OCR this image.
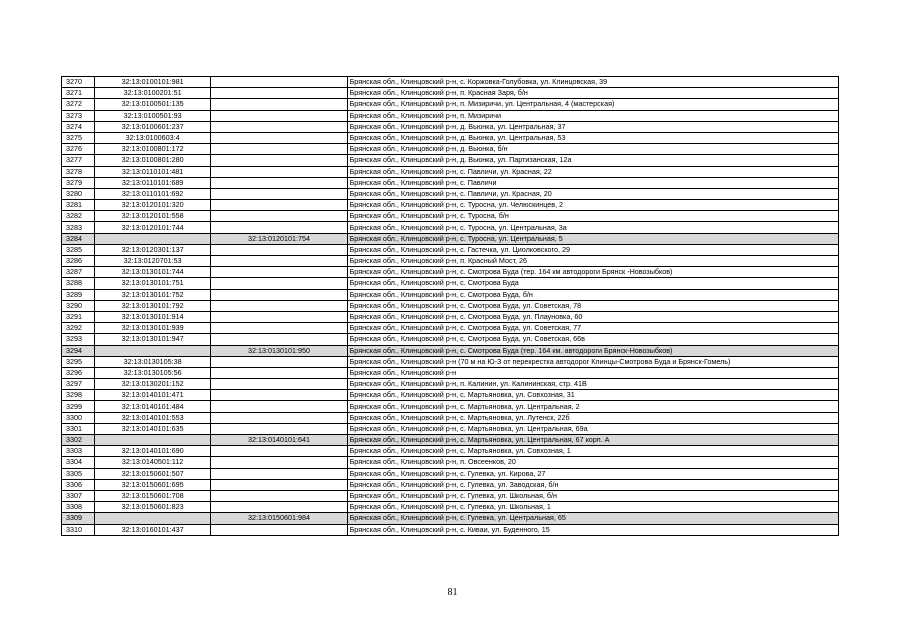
3270	32:13:0100101:981		Брянская обл., Клинцовский р-н, с. Коржовка-Голубовка, ул. Клинцовская, 39
3271	32:13:0100201:51		Брянская обл., Клинцовский р-н, п. Красная Заря, б/н
3272	32:13:0100501:135		Брянская обл., Клинцовский р-н, п. Мизиричи, ул. Центральная, 4 (мастерская)
3273	32:13:0100501:93		Брянская обл., Клинцовский р-н, п. Мизиричи
3274	32:13:0100601:237		Брянская обл., Клинцовский р-н, д. Вьюнка, ул. Центральная, 37
3275	32:13:0100603:4		Брянская обл., Клинцовский р-н, д. Вьюнка, ул. Центральная, 53
3276	32:13:0100801:172		Брянская обл., Клинцовский р-н, д. Вьюнка, б/н
3277	32:13:0100801:280		Брянская обл., Клинцовский р-н, д. Вьюнка, ул. Партизанская, 12а
3278	32:13:0110101:481		Брянская обл., Клинцовский р-н, с. Павличи, ул. Красная, 22
3279	32:13:0110101:689		Брянская обл., Клинцовский р-н, с. Павличи
3280	32:13:0110101:692		Брянская обл., Клинцовский р-н, с. Павличи, ул. Красная, 20
3281	32:13:0120101:320		Брянская обл., Клинцовский р-н, с. Туросна, ул. Челюскинцев, 2
3282	32:13:0120101:558		Брянская обл., Клинцовский р-н, с. Туросна, б/н
3283	32:13:0120101:744		Брянская обл., Клинцовский р-н, с. Туросна, ул. Центральная, 3а
3284		32:13:0120101:754	Брянская обл., Клинцовский р-н, с. Туросна, ул. Центральная, 5
3285	32:13:0120301:137		Брянская обл., Клинцовский р-н, с. Гастечка, ул. Циолковского, 29
3286	32:13:0120701:53		Брянская обл., Клинцовский р-н, п. Красный Мост, 26
3287	32:13:0130101:744		Брянская обл., Клинцовский р-н, с. Смотрова Буда (тер. 164 км автодороги Брянск -Новозыбков)
3288	32:13:0130101:751		Брянская обл., Клинцовский р-н, с. Смотрова Буда
3289	32:13:0130101:752		Брянская обл., Клинцовский р-н, с. Смотрова Буда, б/н
3290	32:13:0130101:792		Брянская обл., Клинцовский р-н, с. Смотрова Буда, ул. Советская, 78
3291	32:13:0130101:914		Брянская обл., Клинцовский р-н, с. Смотрова Буда, ул. Плауновка, 60
3292	32:13:0130101:939		Брянская обл., Клинцовский р-н, с. Смотрова Буда, ул. Советская, 77
3293	32:13:0130101:947		Брянская обл., Клинцовский р-н, с. Смотрова Буда, ул. Советская, 66в
3294		32:13:0130101:950	Брянская обл., Клинцовский р-н, с. Смотрова Буда (тер. 164 км. автодороги Брянск-Новозыбков)
3295	32:13:0130105:38		Брянская обл., Клинцовский р-н (70 м на Ю-З от перекрестка автодорог Клинцы-Смотрова Буда и Брянск-Гомель)
3296	32:13:0130105:56		Брянская обл., Клинцовский р-н
3297	32:13:0130201:152		Брянская обл., Клинцовский р-н, п. Калинин, ул. Калининская, стр. 41В
3298	32:13:0140101:471		Брянская обл., Клинцовский р-н, с. Мартьяновка, ул. Совхозная, 31
3299	32:13:0140101:484		Брянская обл., Клинцовский р-н, с. Мартьяновка, ул. Центральная, 2
3300	32:13:0140101:553		Брянская обл., Клинцовский р-н, с. Мартьяновка, ул. Лутенск, 22б
3301	32:13:0140101:635		Брянская обл., Клинцовский р-н, с. Мартьяновка, ул. Центральная, 69а
3302		32:13:0140101:641	Брянская обл., Клинцовский р-н, с. Мартьяновка, ул. Центральная, 67 корп. А
3303	32:13:0140101:690		Брянская обл., Клинцовский р-н, с. Мартьяновка, ул. Совхозная, 1
3304	32:13:0140501:112		Брянская обл., Клинцовский р-н, п. Овсеенков, 20
3305	32:13:0150601:507		Брянская обл., Клинцовский р-н, с. Гулевка, ул. Кирова, 27
3306	32:13:0150601:695		Брянская обл., Клинцовский р-н, с. Гулевка, ул. Заводская, б/н
3307	32:13:0150601:708		Брянская обл., Клинцовский р-н, с. Гулевка, ул. Школьная, б/н
3308	32:13:0150601:823		Брянская обл., Клинцовский р-н, с. Гулевка, ул. Школьная, 1
3309		32:13:0150601:984	Брянская обл., Клинцовский р-н, с. Гулевка, ул. Центральная, 65
3310	32:13:0160101:437		Брянская обл., Клинцовский р-н, с. Киваи, ул. Буденного, 15
81
